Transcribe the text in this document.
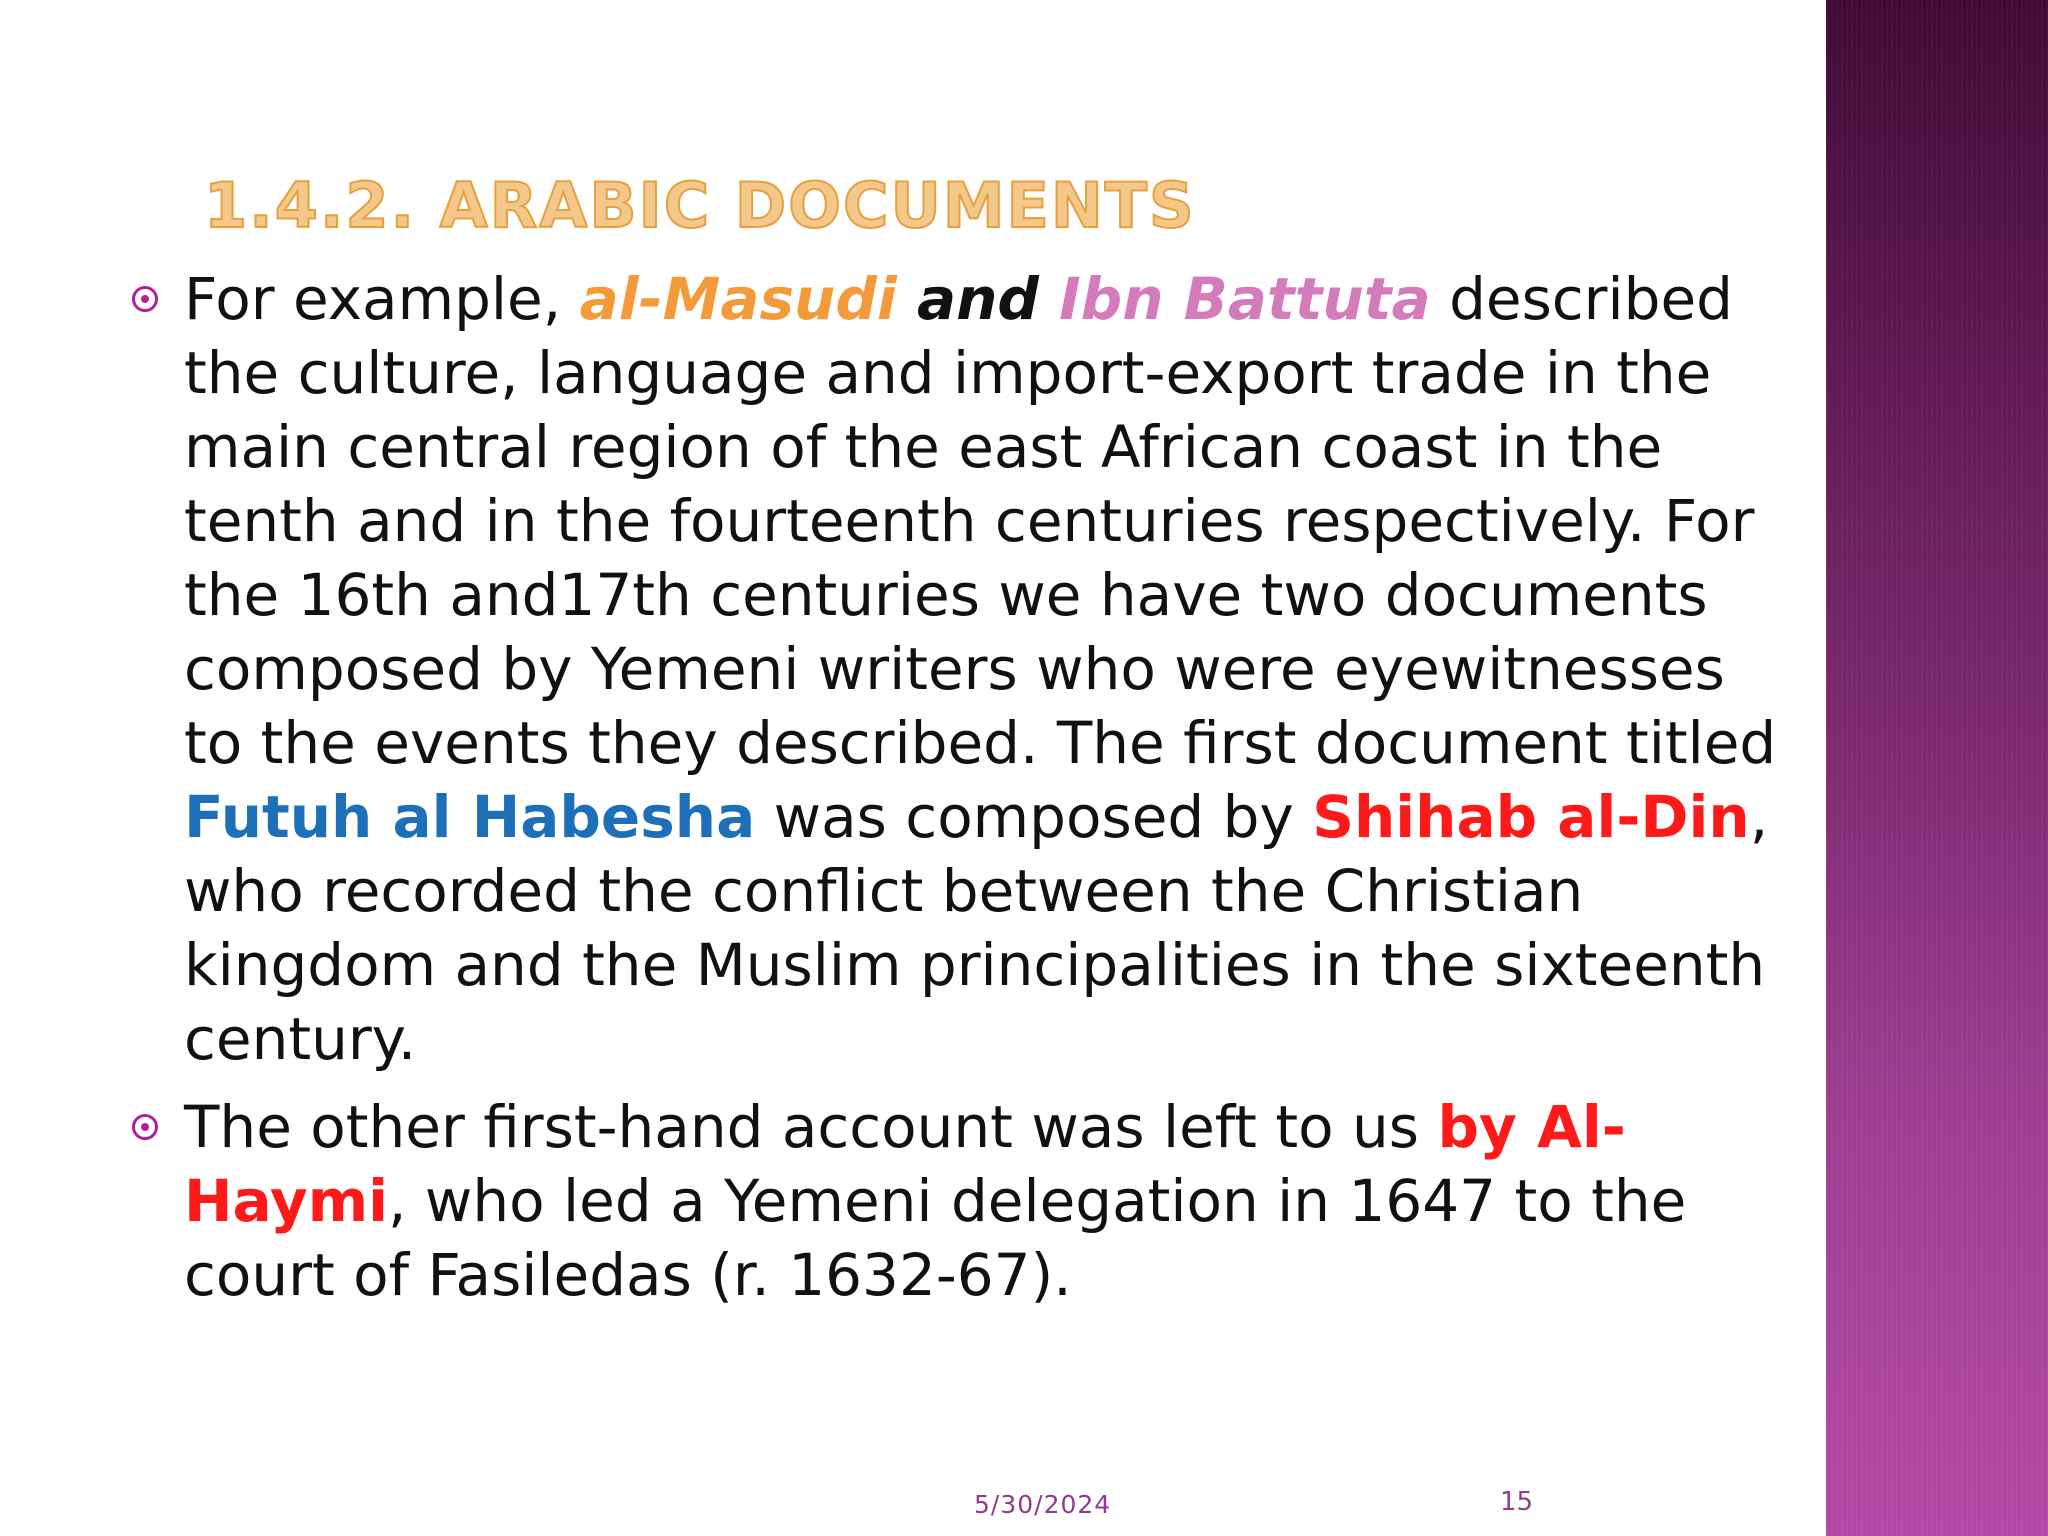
1.4.2. ARABIC DOCUMENTS

For example, al-Masudi and Ibn Battuta described the culture, language and import-export trade in the main central region of the east African coast in the tenth and in the fourteenth centuries respectively. For the 16th and17th centuries we have two documents composed by Yemeni writers who were eyewitnesses to the events they described. The first document titled Futuh al Habesha was composed by Shihab al-Din, who recorded the conflict between the Christian kingdom and the Muslim principalities in the sixteenth century.

The other first-hand account was left to us by Al-Haymi, who led a Yemeni delegation in 1647 to the court of Fasiledas (r. 1632-67).

5/30/2024	15
